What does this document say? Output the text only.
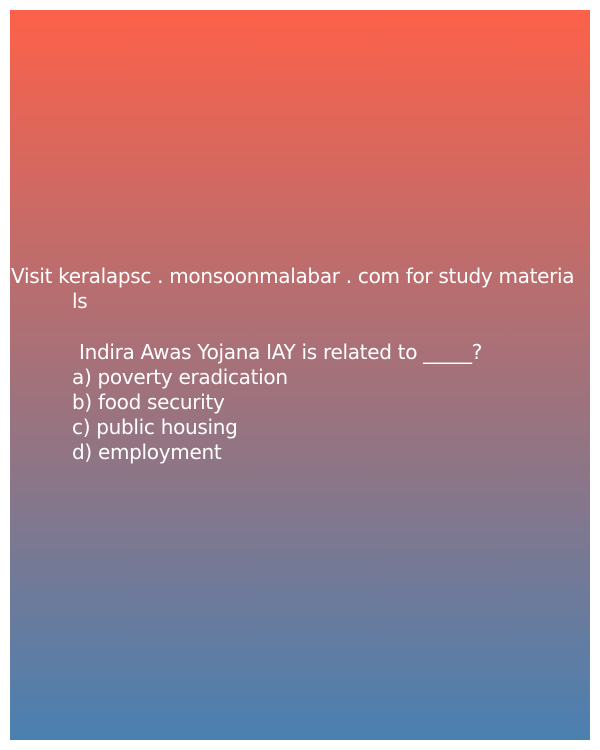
Visit keralapsc . monsoonmalabar . com for study materia

ls

Indira Awas Yojana IAY is related to _____?

a) poverty eradication

b) food security

c) public housing

d) employment
